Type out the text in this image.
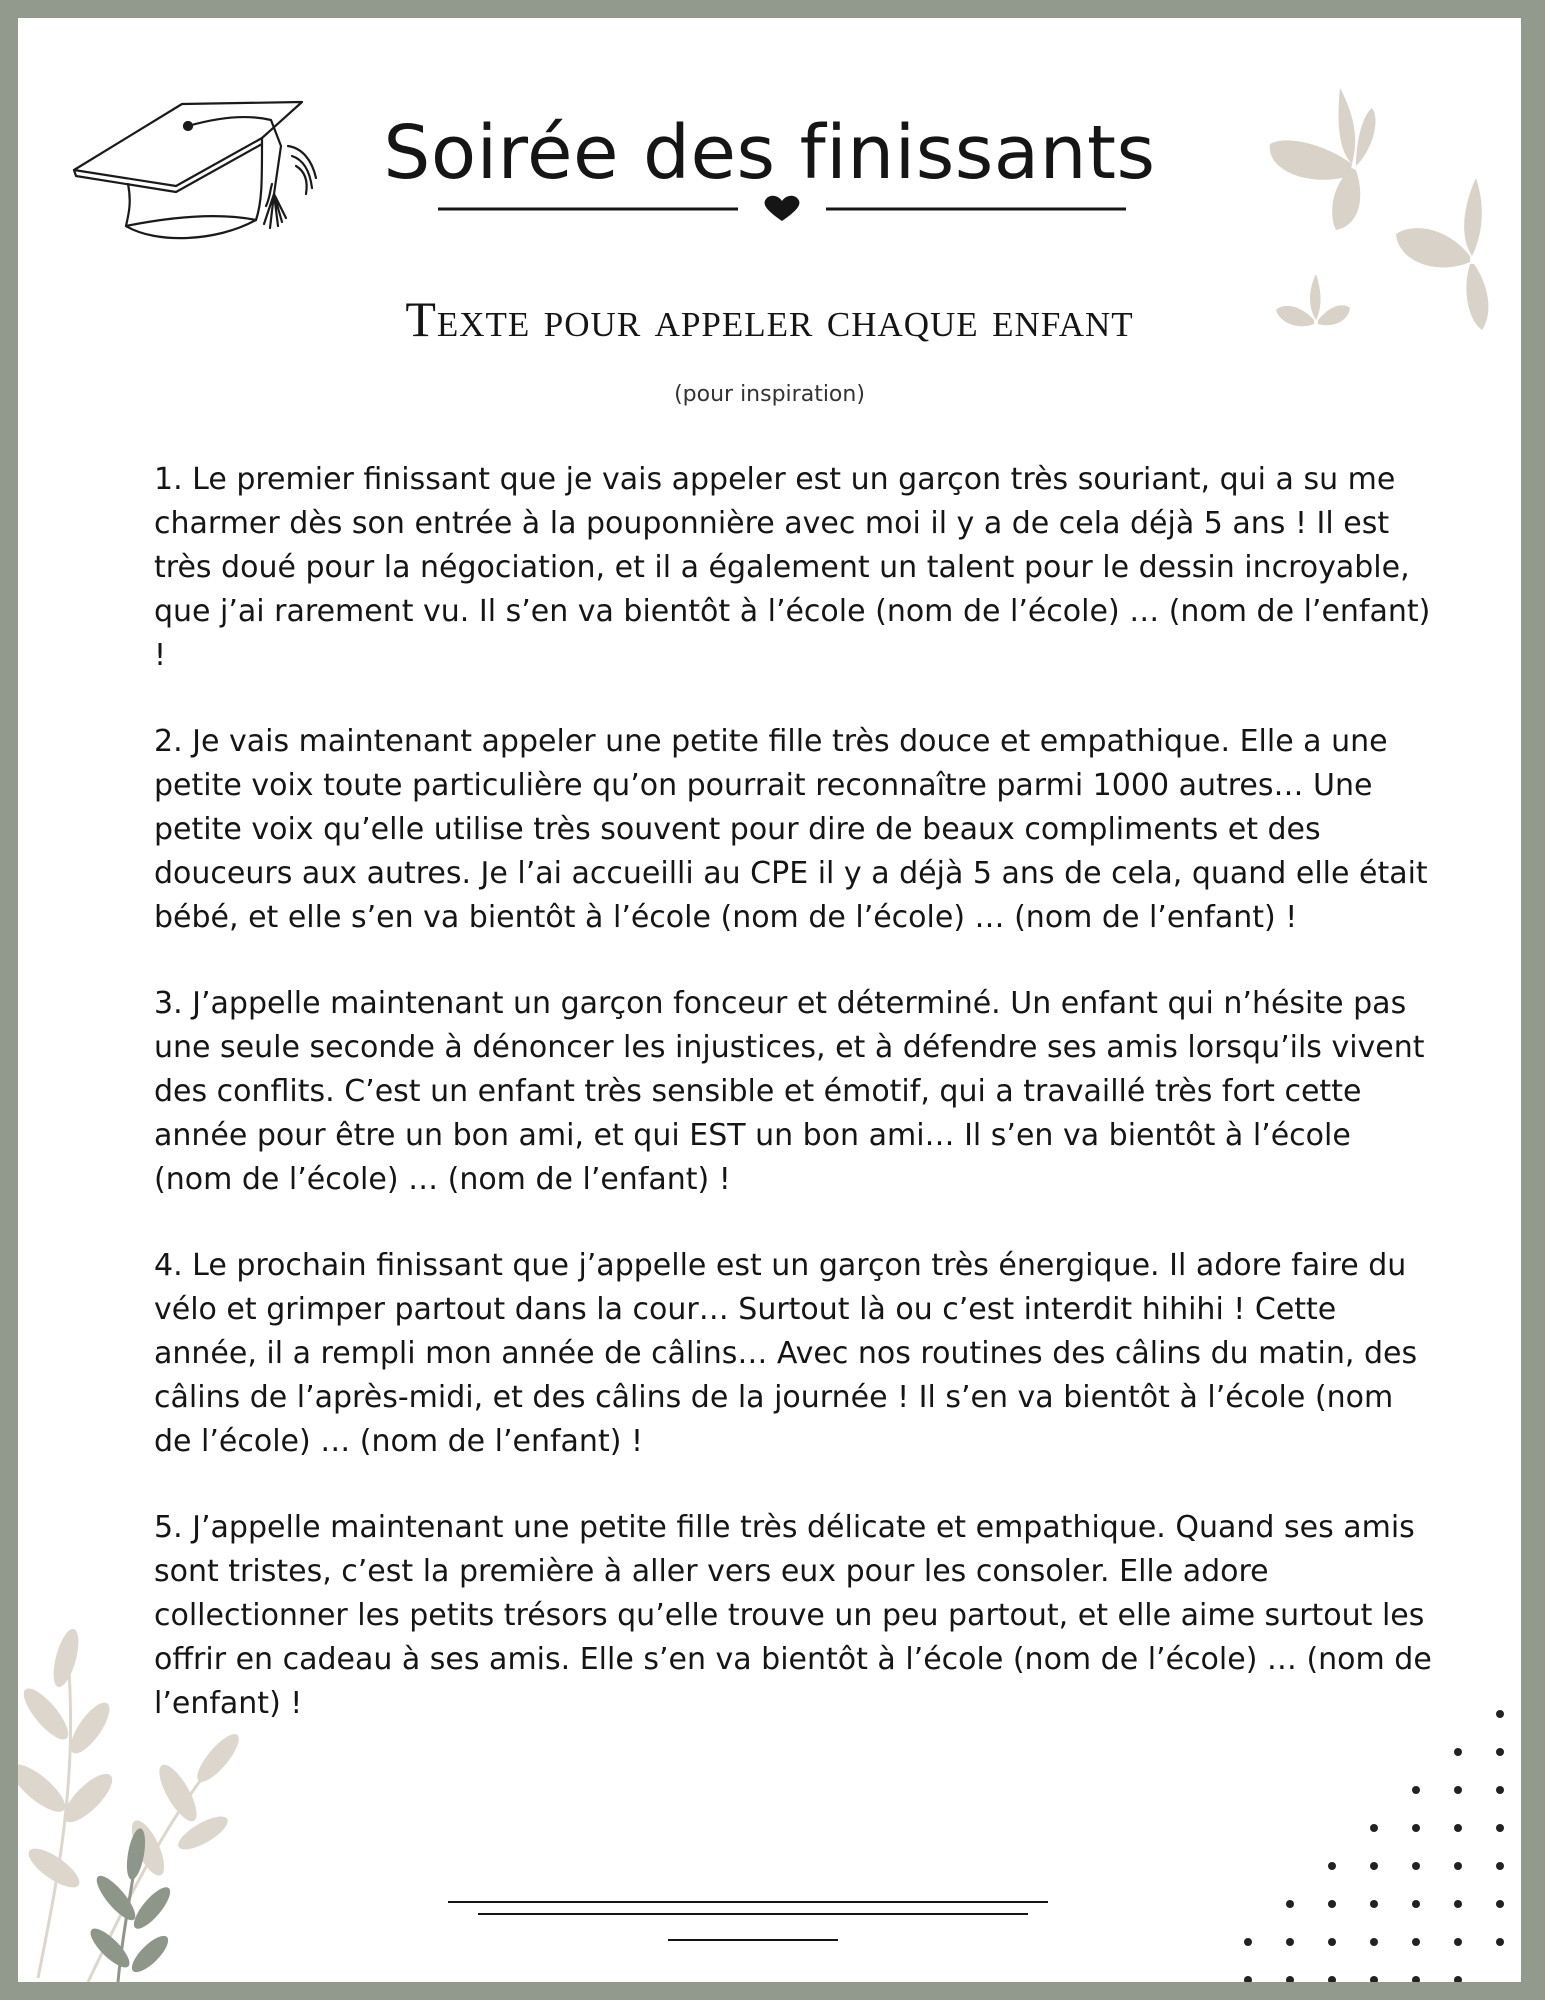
Soirée des finissants
Texte pour appeler chaque enfant
(pour inspiration)

1. Le premier finissant que je vais appeler est un garçon très souriant, qui a su me charmer dès son entrée à la pouponnière avec moi il y a de cela déjà 5 ans ! Il est très doué pour la négociation, et il a également un talent pour le dessin incroyable, que j’ai rarement vu. Il s’en va bientôt à l’école (nom de l’école) … (nom de l’enfant) !

2. Je vais maintenant appeler une petite fille très douce et empathique. Elle a une petite voix toute particulière qu’on pourrait reconnaître parmi 1000 autres… Une petite voix qu’elle utilise très souvent pour dire de beaux compliments et des douceurs aux autres. Je l’ai accueilli au CPE il y a déjà 5 ans de cela, quand elle était bébé, et elle s’en va bientôt à l’école (nom de l’école) … (nom de l’enfant) !

3. J’appelle maintenant un garçon fonceur et déterminé. Un enfant qui n’hésite pas une seule seconde à dénoncer les injustices, et à défendre ses amis lorsqu’ils vivent des conflits. C’est un enfant très sensible et émotif, qui a travaillé très fort cette année pour être un bon ami, et qui EST un bon ami… Il s’en va bientôt à l’école (nom de l’école) … (nom de l’enfant) !

4. Le prochain finissant que j’appelle est un garçon très énergique. Il adore faire du vélo et grimper partout dans la cour… Surtout là ou c’est interdit hihihi ! Cette année, il a rempli mon année de câlins… Avec nos routines des câlins du matin, des câlins de l’après-midi, et des câlins de la journée ! Il s’en va bientôt à l’école (nom de l’école) … (nom de l’enfant) !

5. J’appelle maintenant une petite fille très délicate et empathique. Quand ses amis sont tristes, c’est la première à aller vers eux pour les consoler. Elle adore collectionner les petits trésors qu’elle trouve un peu partout, et elle aime surtout les offrir en cadeau à ses amis. Elle s’en va bientôt à l’école (nom de l’école) … (nom de l’enfant) !
